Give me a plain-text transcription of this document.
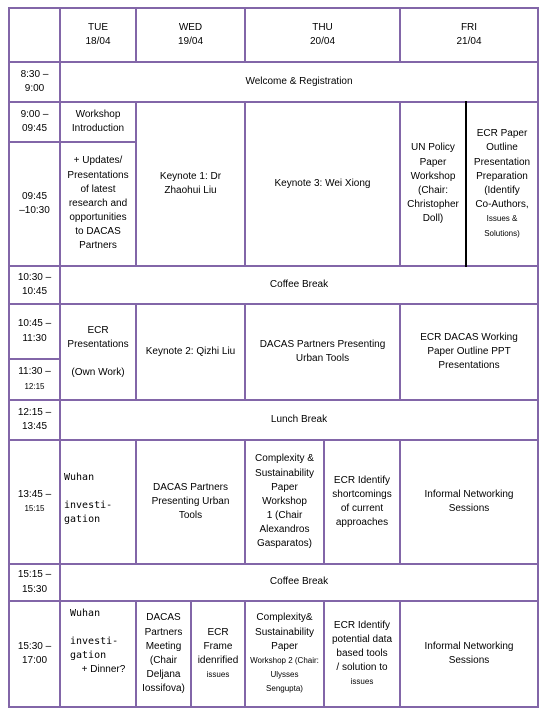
TUE
18/04
WED
19/04
THU
20/04
FRI
21/04
8:30 –
9:00
9:00 –
09:45
09:45
–10:30
10:30 –
10:45
10:45 –
11:30
11:30 –
12:15
12:15 –
13:45
13:45 –
15:15
15:15 –
15:30
15:30 –
17:00
Welcome & Registration
Workshop
Introduction
+ Updates/
Presentations
of latest
research and
opportunities
to DACAS
Partners
Keynote 1: Dr
Zhaohui Liu
Keynote 3: Wei Xiong
UN Policy
Paper
Workshop
(Chair:
Christopher
Doll)
ECR Paper
Outline
Presentation
Preparation
(Identify
Co-Authors,
Issues &
Solutions)
Coffee Break
ECR
Presentations

(Own Work)
Keynote 2: Qizhi Liu
DACAS Partners Presenting
Urban Tools
ECR DACAS Working
Paper Outline PPT
Presentations
Lunch Break
Wuhan

investi-
gation
DACAS Partners
Presenting Urban
Tools
Complexity &
Sustainability
Paper
Workshop
1 (Chair
Alexandros
Gasparatos)
ECR Identify
shortcomings
of current
approaches
Informal Networking
Sessions
Coffee Break
Wuhan

investi-
gation
+ Dinner?
DACAS
Partners
Meeting
(Chair
Deljana
Iossifova)
ECR
Frame
idenrified
issues
Complexity&
Sustainability
Paper
Workshop 2 (Chair: Ulysses
Sengupta)
ECR Identify
potential data
based tools
/ solution to
issues
Informal Networking
Sessions
